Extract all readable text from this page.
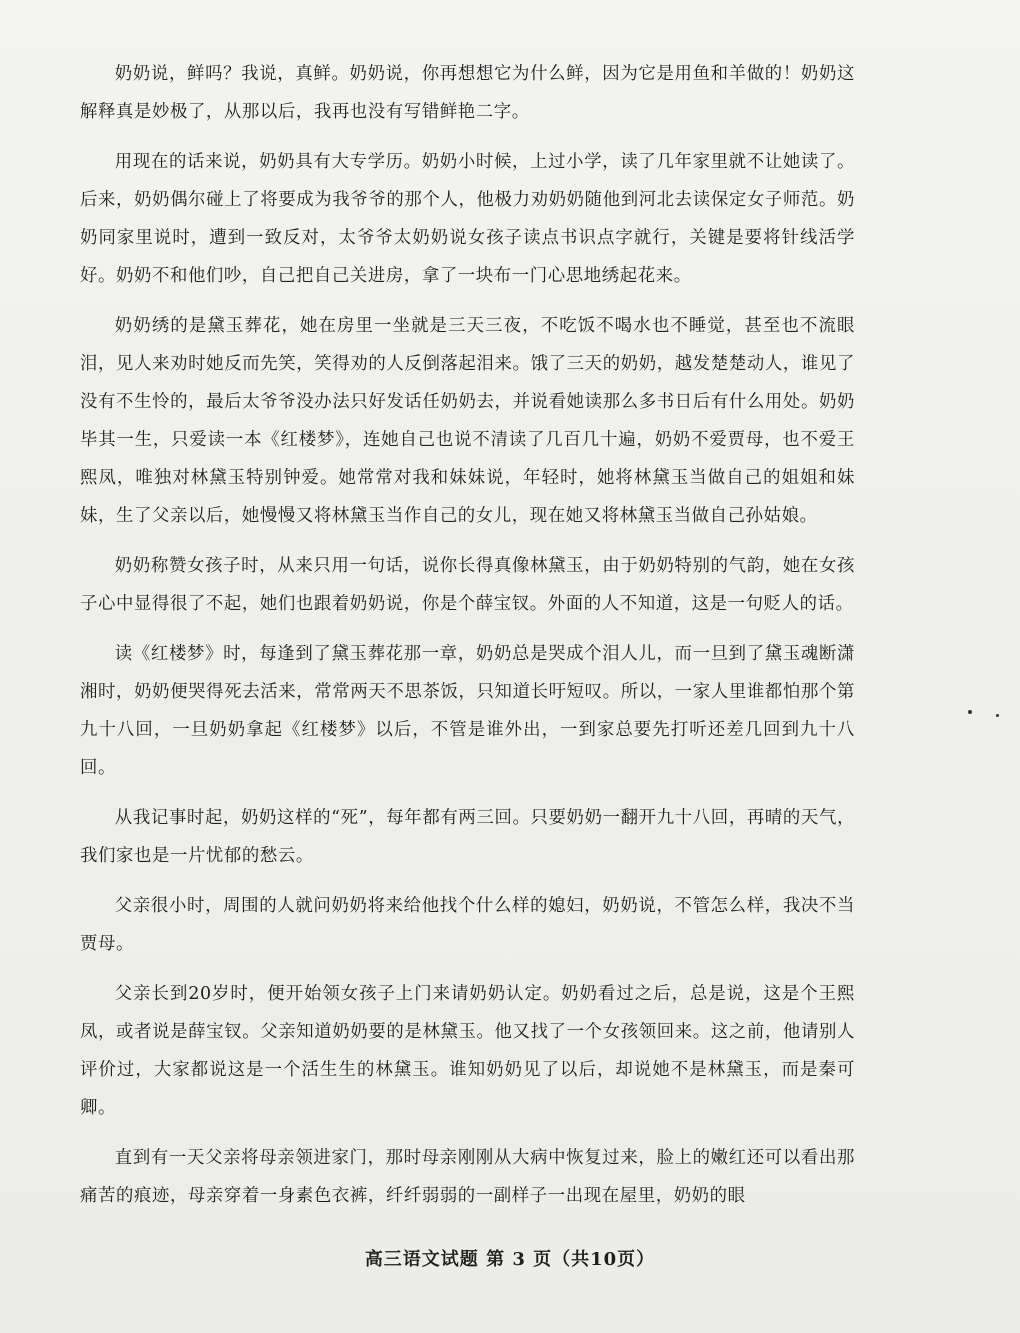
奶奶说，鲜吗？我说，真鲜。奶奶说，你再想想它为什么鲜，因为它是用鱼和羊做的！奶奶这解释真是妙极了，从那以后，我再也没有写错鲜艳二字。

用现在的话来说，奶奶具有大专学历。奶奶小时候，上过小学，读了几年家里就不让她读了。后来，奶奶偶尔碰上了将要成为我爷爷的那个人，他极力劝奶奶随他到河北去读保定女子师范。奶奶同家里说时，遭到一致反对，太爷爷太奶奶说女孩子读点书识点字就行，关键是要将针线活学好。奶奶不和他们吵，自己把自己关进房，拿了一块布一门心思地绣起花来。

奶奶绣的是黛玉葬花，她在房里一坐就是三天三夜，不吃饭不喝水也不睡觉，甚至也不流眼泪，见人来劝时她反而先笑，笑得劝的人反倒落起泪来。饿了三天的奶奶，越发楚楚动人，谁见了没有不生怜的，最后太爷爷没办法只好发话任奶奶去，并说看她读那么多书日后有什么用处。奶奶毕其一生，只爱读一本《红楼梦》，连她自己也说不清读了几百几十遍，奶奶不爱贾母，也不爱王熙凤，唯独对林黛玉特别钟爱。她常常对我和妹妹说，年轻时，她将林黛玉当做自己的姐姐和妹妹，生了父亲以后，她慢慢又将林黛玉当作自己的女儿，现在她又将林黛玉当做自己孙姑娘。

奶奶称赞女孩子时，从来只用一句话，说你长得真像林黛玉，由于奶奶特别的气韵，她在女孩子心中显得很了不起，她们也跟着奶奶说，你是个薛宝钗。外面的人不知道，这是一句贬人的话。

读《红楼梦》时，每逢到了黛玉葬花那一章，奶奶总是哭成个泪人儿，而一旦到了黛玉魂断潇湘时，奶奶便哭得死去活来，常常两天不思茶饭，只知道长吁短叹。所以，一家人里谁都怕那个第九十八回，一旦奶奶拿起《红楼梦》以后，不管是谁外出，一到家总要先打听还差几回到九十八回。

从我记事时起，奶奶这样的“死”，每年都有两三回。只要奶奶一翻开九十八回，再晴的天气，我们家也是一片忧郁的愁云。

父亲很小时，周围的人就问奶奶将来给他找个什么样的媳妇，奶奶说，不管怎么样，我决不当贾母。

父亲长到20岁时，便开始领女孩子上门来请奶奶认定。奶奶看过之后，总是说，这是个王熙凤，或者说是薛宝钗。父亲知道奶奶要的是林黛玉。他又找了一个女孩领回来。这之前，他请别人评价过，大家都说这是一个活生生的林黛玉。谁知奶奶见了以后，却说她不是林黛玉，而是秦可卿。

直到有一天父亲将母亲领进家门，那时母亲刚刚从大病中恢复过来，脸上的嫩红还可以看出那痛苦的痕迹，母亲穿着一身素色衣裤，纤纤弱弱的一副样子一出现在屋里，奶奶的眼

高三语文试题 第 3 页（共10页）
